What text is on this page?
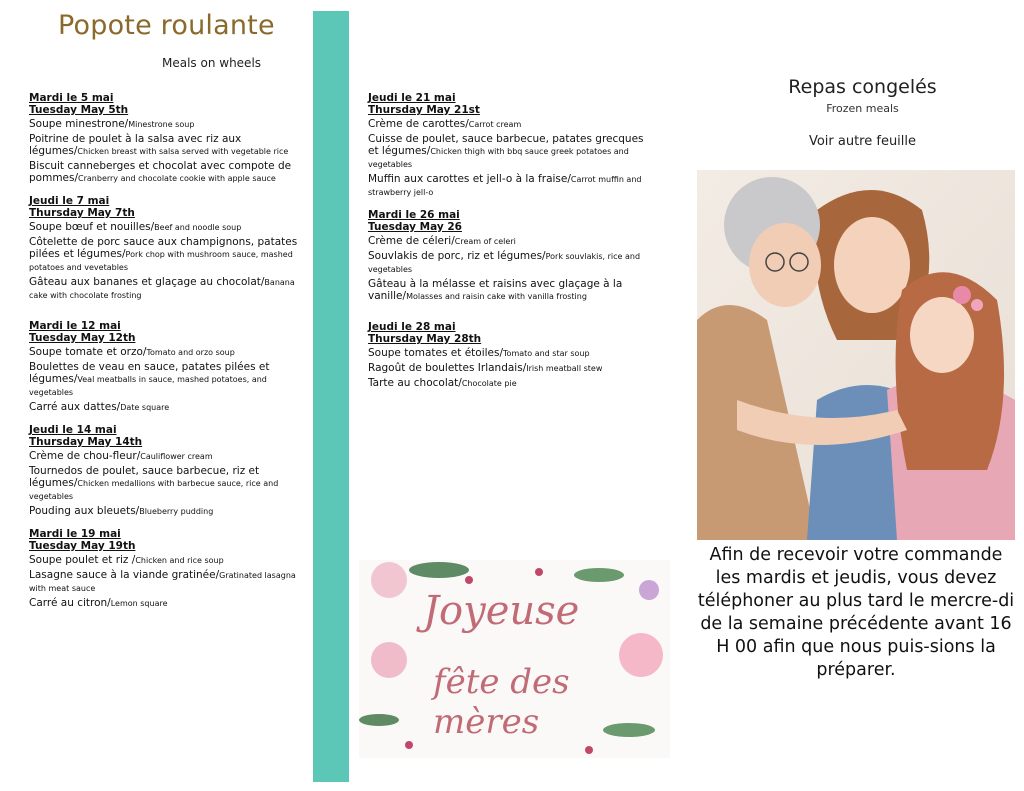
Popote roulante
Meals on wheels
Mardi le 5 mai
Tuesday May 5th
Soupe minestrone/Minestrone soup
Poitrine de poulet à la salsa avec riz aux légumes/Chicken breast with salsa served with vegetable rice
Biscuit canneberges et chocolat avec compote de pommes/Cranberry and chocolate cookie with apple sauce
Jeudi le 7 mai
Thursday May 7th
Soupe bœuf et nouilles/Beef and noodle soup
Côtelette de porc sauce aux champignons, patates pilées et légumes/Pork chop with mushroom sauce, mashed potatoes and vevetables
Gâteau aux bananes et glaçage au chocolat/Banana cake with chocolate frosting
Mardi le 12 mai
Tuesday May 12th
Soupe tomate et orzo/Tomato and orzo soup
Boulettes de veau en sauce, patates pilées et légumes/Veal meatballs in sauce, mashed potatoes, and vegetables
Carré aux dattes/Date square
Jeudi le 14 mai
Thursday May 14th
Crème de chou-fleur/Cauliflower cream
Tournedos de poulet, sauce barbecue, riz et légumes/Chicken medallions with barbecue sauce, rice and vegetables
Pouding aux bleuets/Blueberry pudding
Mardi le 19 mai
Tuesday May 19th
Soupe poulet et riz /Chicken and rice soup
Lasagne sauce à la viande gratinée/Gratinated lasagna with meat sauce
Carré au citron/Lemon square
Jeudi le 21 mai
Thursday May 21st
Crème de carottes/Carrot cream
Cuisse de poulet, sauce barbecue, patates grecques et légumes/Chicken thigh with bbq sauce greek potatoes and vegetables
Muffin aux carottes et jell-o à la fraise/Carrot muffin and strawberry jell-o
Mardi le 26 mai
Tuesday May 26
Crème de céleri/Cream of celeri
Souvlakis de porc, riz et légumes/Pork souvlakis, rice and vegetables
Gâteau à la mélasse et raisins avec glaçage à la vanille/Molasses and raisin cake with vanilla frosting
Jeudi le 28 mai
Thursday May 28th
Soupe tomates et étoiles/Tomato and star soup
Ragoût de boulettes Irlandais/Irish meatball stew
Tarte au chocolat/Chocolate pie
Repas congelés
Frozen meals
Voir autre feuille
Afin de recevoir votre commande les mardis et jeudis, vous devez téléphoner au plus tard le mercre-di de la semaine précédente avant 16 H 00 afin que nous puis-sions la préparer.
Joyeuse
fête des mères
